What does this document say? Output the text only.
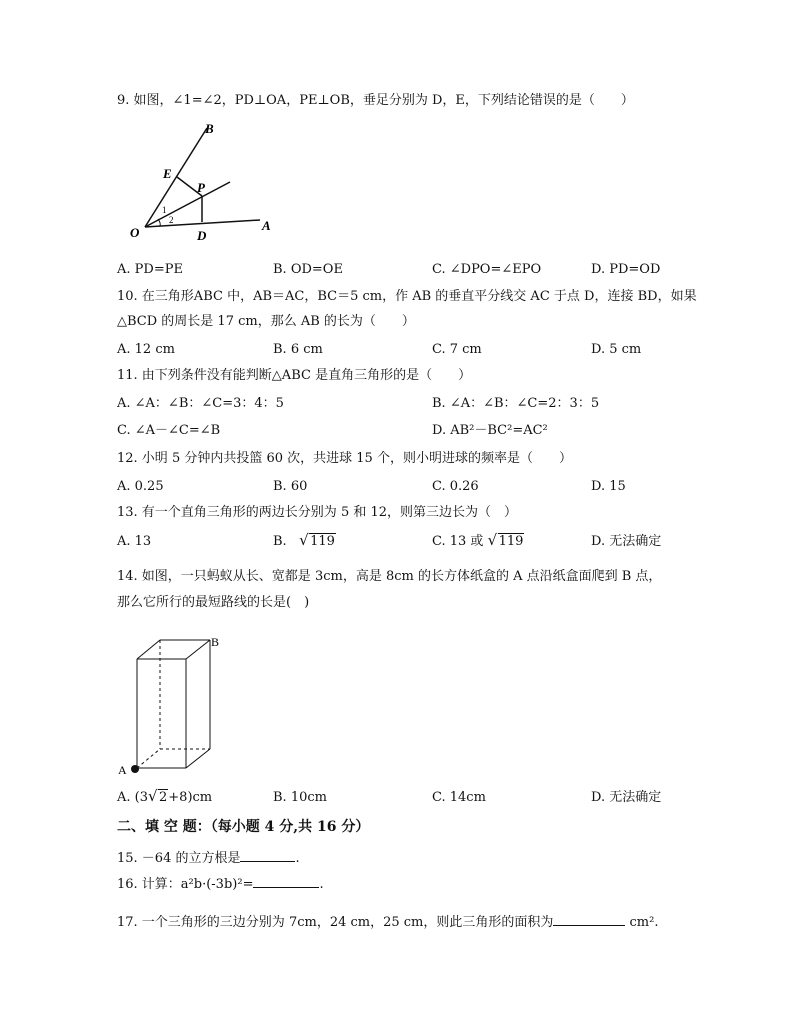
9. 如图，∠1=∠2，PD⊥OA，PE⊥OB，垂足分别为 D，E，下列结论错误的是（　　）
B
E
P
O	D
A
1
2
A. PD=PE	B. OD=OE	C. ∠DPO=∠EPO	D. PD=OD
10. 在三角形ABC 中，AB＝AC，BC＝5 cm，作 AB 的垂直平分线交 AC 于点 D，连接 BD，如果
△BCD 的周长是 17 cm，那么 AB 的长为（　　）
A. 12 cm	B. 6 cm	C. 7 cm	D. 5 cm
11. 由下列条件没有能判断△ABC 是直角三角形的是（　　）
A. ∠A：∠B：∠C=3：4：5	B. ∠A：∠B：∠C=2：3：5
C. ∠A－∠C=∠B	D. AB²－BC²=AC²
12. 小明 5 分钟内共投篮 60 次，共进球 15 个，则小明进球的频率是（　　）
A. 0.25	B. 60	C. 0.26	D. 15
13. 有一个直角三角形的两边长分别为 5 和 12，则第三边长为（　）
A. 13	B. √ 119	C. 13 或 √ 119	D. 无法确定
14. 如图，一只蚂蚁从长、宽都是 3cm，高是 8cm 的长方体纸盒的 A 点沿纸盒面爬到 B 点，
那么它所行的最短路线的长是(　)
B
A
A. (3 √ 2+8)cm	B. 10cm	C. 14cm	D. 无法确定
二、填 空 题：（每小题 4 分,共 16 分）
15. －64 的立方根是	.
16. 计算：a²b·(-3b)²=	.
17. 一个三角形的三边分别为 7cm，24 cm，25 cm，则此三角形的面积为	cm².
